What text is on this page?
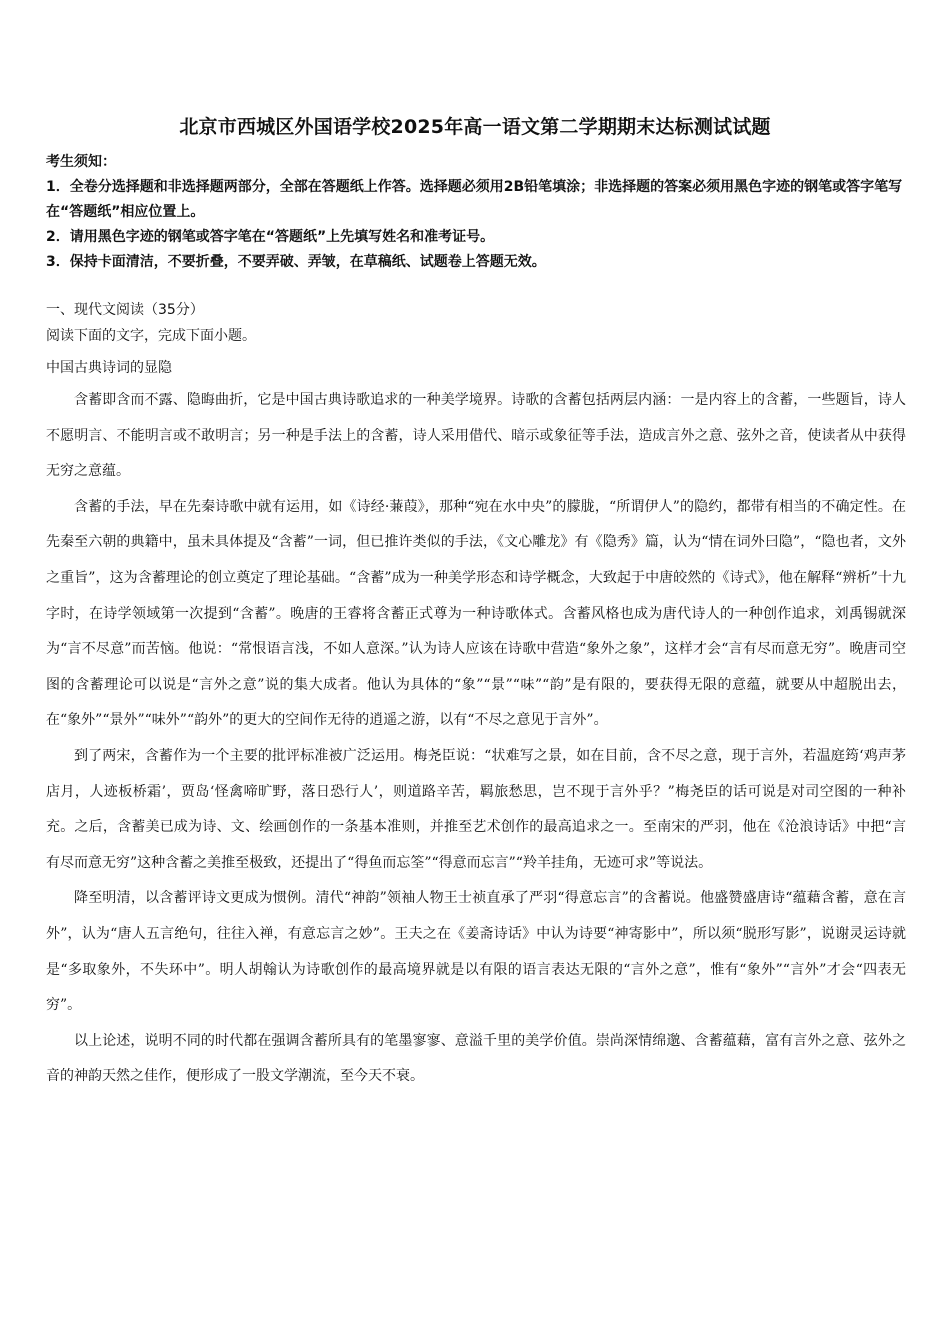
北京市西城区外国语学校2025年高一语文第二学期期末达标测试试题

考生须知：

1．全卷分选择题和非选择题两部分，全部在答题纸上作答。选择题必须用2B铅笔填涂；非选择题的答案必须用黑色字迹的钢笔或答字笔写在“答题纸”相应位置上。

2．请用黑色字迹的钢笔或答字笔在“答题纸”上先填写姓名和准考证号。

3．保持卡面清洁，不要折叠，不要弄破、弄皱，在草稿纸、试题卷上答题无效。

一、现代文阅读（35分）

阅读下面的文字，完成下面小题。

中国古典诗词的显隐

含蓄即含而不露、隐晦曲折，它是中国古典诗歌追求的一种美学境界。诗歌的含蓄包括两层内涵：一是内容上的含蓄，一些题旨，诗人不愿明言、不能明言或不敢明言；另一种是手法上的含蓄，诗人采用借代、暗示或象征等手法，造成言外之意、弦外之音，使读者从中获得无穷之意蕴。

含蓄的手法，早在先秦诗歌中就有运用，如《诗经·蒹葭》，那种“宛在水中央”的朦胧，“所谓伊人”的隐约，都带有相当的不确定性。在先秦至六朝的典籍中，虽未具体提及“含蓄”一词，但已推许类似的手法，《文心雕龙》有《隐秀》篇，认为“情在词外曰隐”，“隐也者，文外之重旨”，这为含蓄理论的创立奠定了理论基础。“含蓄”成为一种美学形态和诗学概念，大致起于中唐皎然的《诗式》，他在解释“辨析”十九字时，在诗学领域第一次提到“含蓄”。晚唐的王睿将含蓄正式尊为一种诗歌体式。含蓄风格也成为唐代诗人的一种创作追求，刘禹锡就深为“言不尽意”而苦恼。他说：“常恨语言浅，不如人意深。”认为诗人应该在诗歌中营造“象外之象”，这样才会“言有尽而意无穷”。晚唐司空图的含蓄理论可以说是“言外之意”说的集大成者。他认为具体的“象”“景”“味”“韵”是有限的，要获得无限的意蕴，就要从中超脱出去，在“象外”“景外”“味外”“韵外”的更大的空间作无待的逍遥之游，以有“不尽之意见于言外”。

到了两宋，含蓄作为一个主要的批评标准被广泛运用。梅尧臣说：“状难写之景，如在目前，含不尽之意，现于言外，若温庭筠‘鸡声茅店月，人迹板桥霜’，贾岛‘怪禽啼旷野，落日恐行人’，则道路辛苦，羁旅愁思，岂不现于言外乎？”梅尧臣的话可说是对司空图的一种补充。之后，含蓄美已成为诗、文、绘画创作的一条基本准则，并推至艺术创作的最高追求之一。至南宋的严羽，他在《沧浪诗话》中把“言有尽而意无穷”这种含蓄之美推至极致，还提出了“得鱼而忘筌”“得意而忘言”“羚羊挂角，无迹可求”等说法。

降至明清，以含蓄评诗文更成为惯例。清代“神韵”领袖人物王士祯直承了严羽“得意忘言”的含蓄说。他盛赞盛唐诗“蕴藉含蓄，意在言外”，认为“唐人五言绝句，往往入禅，有意忘言之妙”。王夫之在《姜斋诗话》中认为诗要“神寄影中”，所以须“脱形写影”，说谢灵运诗就是“多取象外，不失环中”。明人胡翰认为诗歌创作的最高境界就是以有限的语言表达无限的“言外之意”，惟有“象外”“言外”才会“四表无穷”。

以上论述，说明不同的时代都在强调含蓄所具有的笔墨寥寥、意溢千里的美学价值。崇尚深情绵邈、含蓄蕴藉，富有言外之意、弦外之音的神韵天然之佳作，便形成了一股文学潮流，至今天不衰。
